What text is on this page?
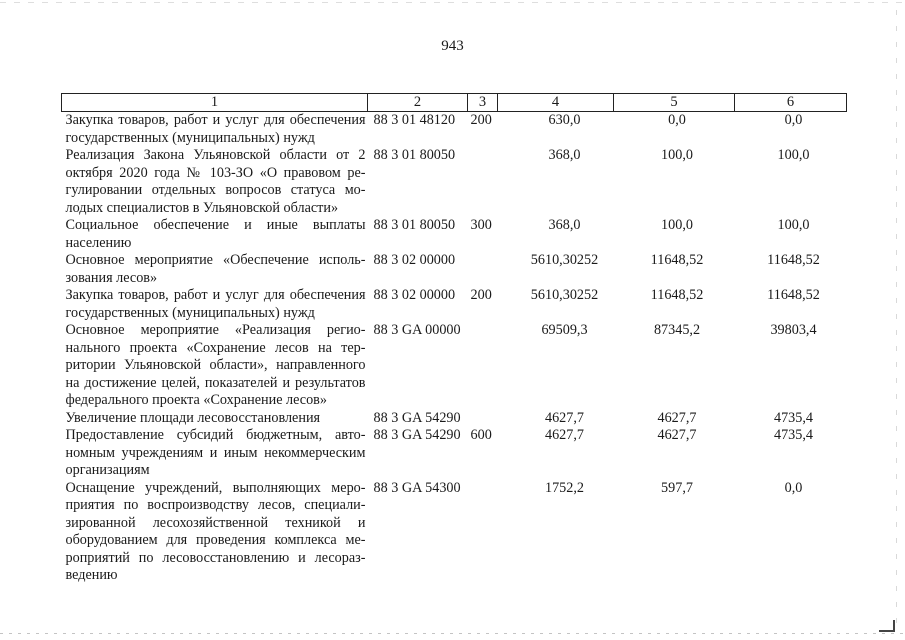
943
1	2	3	4	5	6
Закупка товаров, работ и услуг для обеспечения государственных (муниципальных) нужд	88 3 01 48120	200	630,0	0,0	0,0
Реализация Закона Ульяновской области от 2 октября 2020 года № 103-ЗО «О правовом регулировании отдельных вопросов статуса молодых специалистов в Ульяновской области»	88 3 01 80050		368,0	100,0	100,0
Социальное обеспечение и иные выплаты населению	88 3 01 80050	300	368,0	100,0	100,0
Основное мероприятие «Обеспечение использования лесов»	88 3 02 00000		5610,30252	11648,52	11648,52
Закупка товаров, работ и услуг для обеспечения государственных (муниципальных) нужд	88 3 02 00000	200	5610,30252	11648,52	11648,52
Основное мероприятие «Реализация регионального проекта «Сохранение лесов на территории Ульяновской области», направленного на достижение целей, показателей и результатов федерального проекта «Сохранение лесов»	88 3 GA 00000		69509,3	87345,2	39803,4
Увеличение площади лесовосстановления	88 3 GA 54290		4627,7	4627,7	4735,4
Предоставление субсидий бюджетным, автономным учреждениям и иным некоммерческим организациям	88 3 GA 54290	600	4627,7	4627,7	4735,4
Оснащение учреждений, выполняющих мероприятия по воспроизводству лесов, специализированной лесохозяйственной техникой и оборудованием для проведения комплекса мероприятий по лесовосстановлению и лесоразведению	88 3 GA 54300		1752,2	597,7	0,0
